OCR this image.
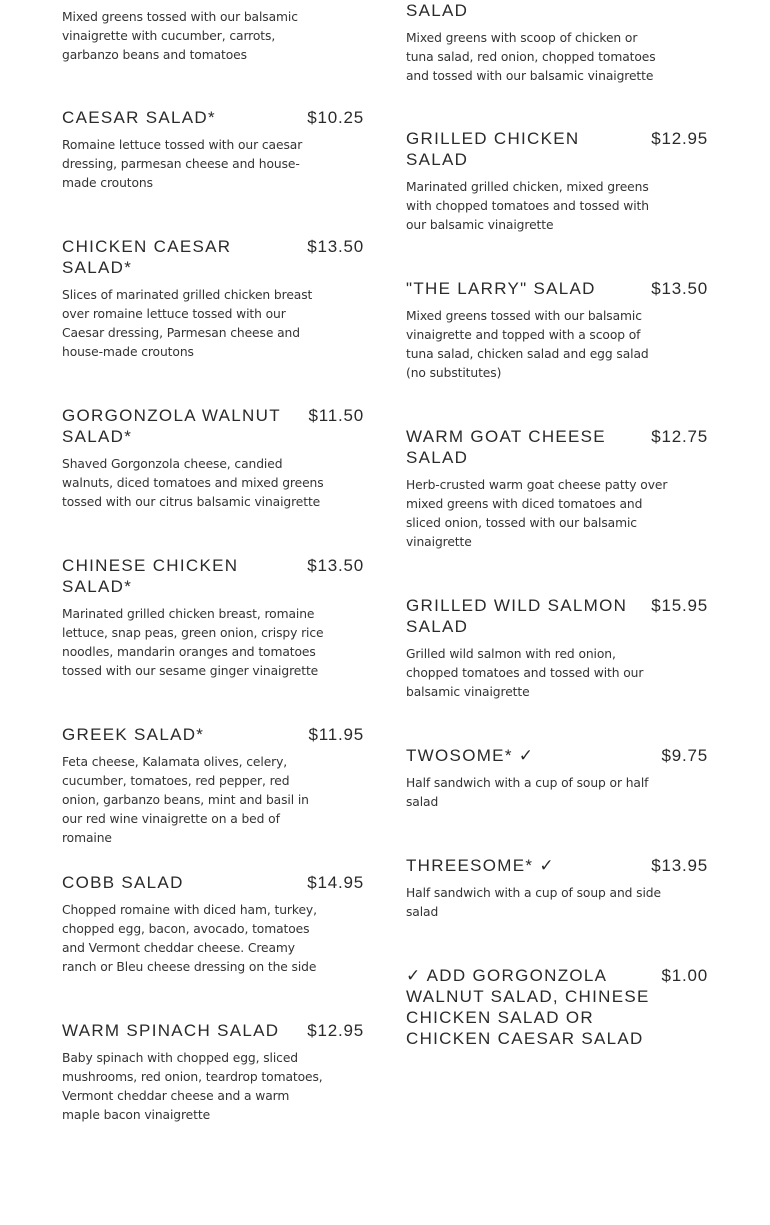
Mixed greens tossed with our balsamic vinaigrette with cucumber, carrots, garbanzo beans and tomatoes
CAESAR SALAD*	$10.25
Romaine lettuce tossed with our caesar dressing, parmesan cheese and house-made croutons
CHICKEN CAESAR SALAD*
$13.50
Slices of marinated grilled chicken breast over romaine lettuce tossed with our Caesar dressing, Parmesan cheese and house-made croutons
GORGONZOLA WALNUT SALAD*
$11.50
Shaved Gorgonzola cheese, candied walnuts, diced tomatoes and mixed greens tossed with our citrus balsamic vinaigrette
CHINESE CHICKEN SALAD*
$13.50
Marinated grilled chicken breast, romaine lettuce, snap peas, green onion, crispy rice noodles, mandarin oranges and tomatoes tossed with our sesame ginger vinaigrette
GREEK SALAD*	$11.95
Feta cheese, Kalamata olives, celery, cucumber, tomatoes, red pepper, red onion, garbanzo beans, mint and basil in our red wine vinaigrette on a bed of romaine
COBB SALAD	$14.95
Chopped romaine with diced ham, turkey, chopped egg, bacon, avocado, tomatoes and Vermont cheddar cheese. Creamy ranch or Bleu cheese dressing on the side
WARM SPINACH SALAD	$12.95
Baby spinach with chopped egg, sliced mushrooms, red onion, teardrop tomatoes, Vermont cheddar cheese and a warm maple bacon vinaigrette
SALAD
Mixed greens with scoop of chicken or tuna salad, red onion, chopped tomatoes and tossed with our balsamic vinaigrette
GRILLED CHICKEN SALAD
$12.95
Marinated grilled chicken, mixed greens with chopped tomatoes and tossed with our balsamic vinaigrette
"THE LARRY" SALAD	$13.50
Mixed greens tossed with our balsamic vinaigrette and topped with a scoop of tuna salad, chicken salad and egg salad (no substitutes)
WARM GOAT CHEESE SALAD
$12.75
Herb-crusted warm goat cheese patty over mixed greens with diced tomatoes and sliced onion, tossed with our balsamic vinaigrette
GRILLED WILD SALMON SALAD
$15.95
Grilled wild salmon with red onion, chopped tomatoes and tossed with our balsamic vinaigrette
TWOSOME* ✓	$9.75
Half sandwich with a cup of soup or half salad
THREESOME* ✓	$13.95
Half sandwich with a cup of soup and side salad
✓ ADD GORGONZOLA WALNUT SALAD, CHINESE CHICKEN SALAD OR CHICKEN CAESAR SALAD
$1.00
